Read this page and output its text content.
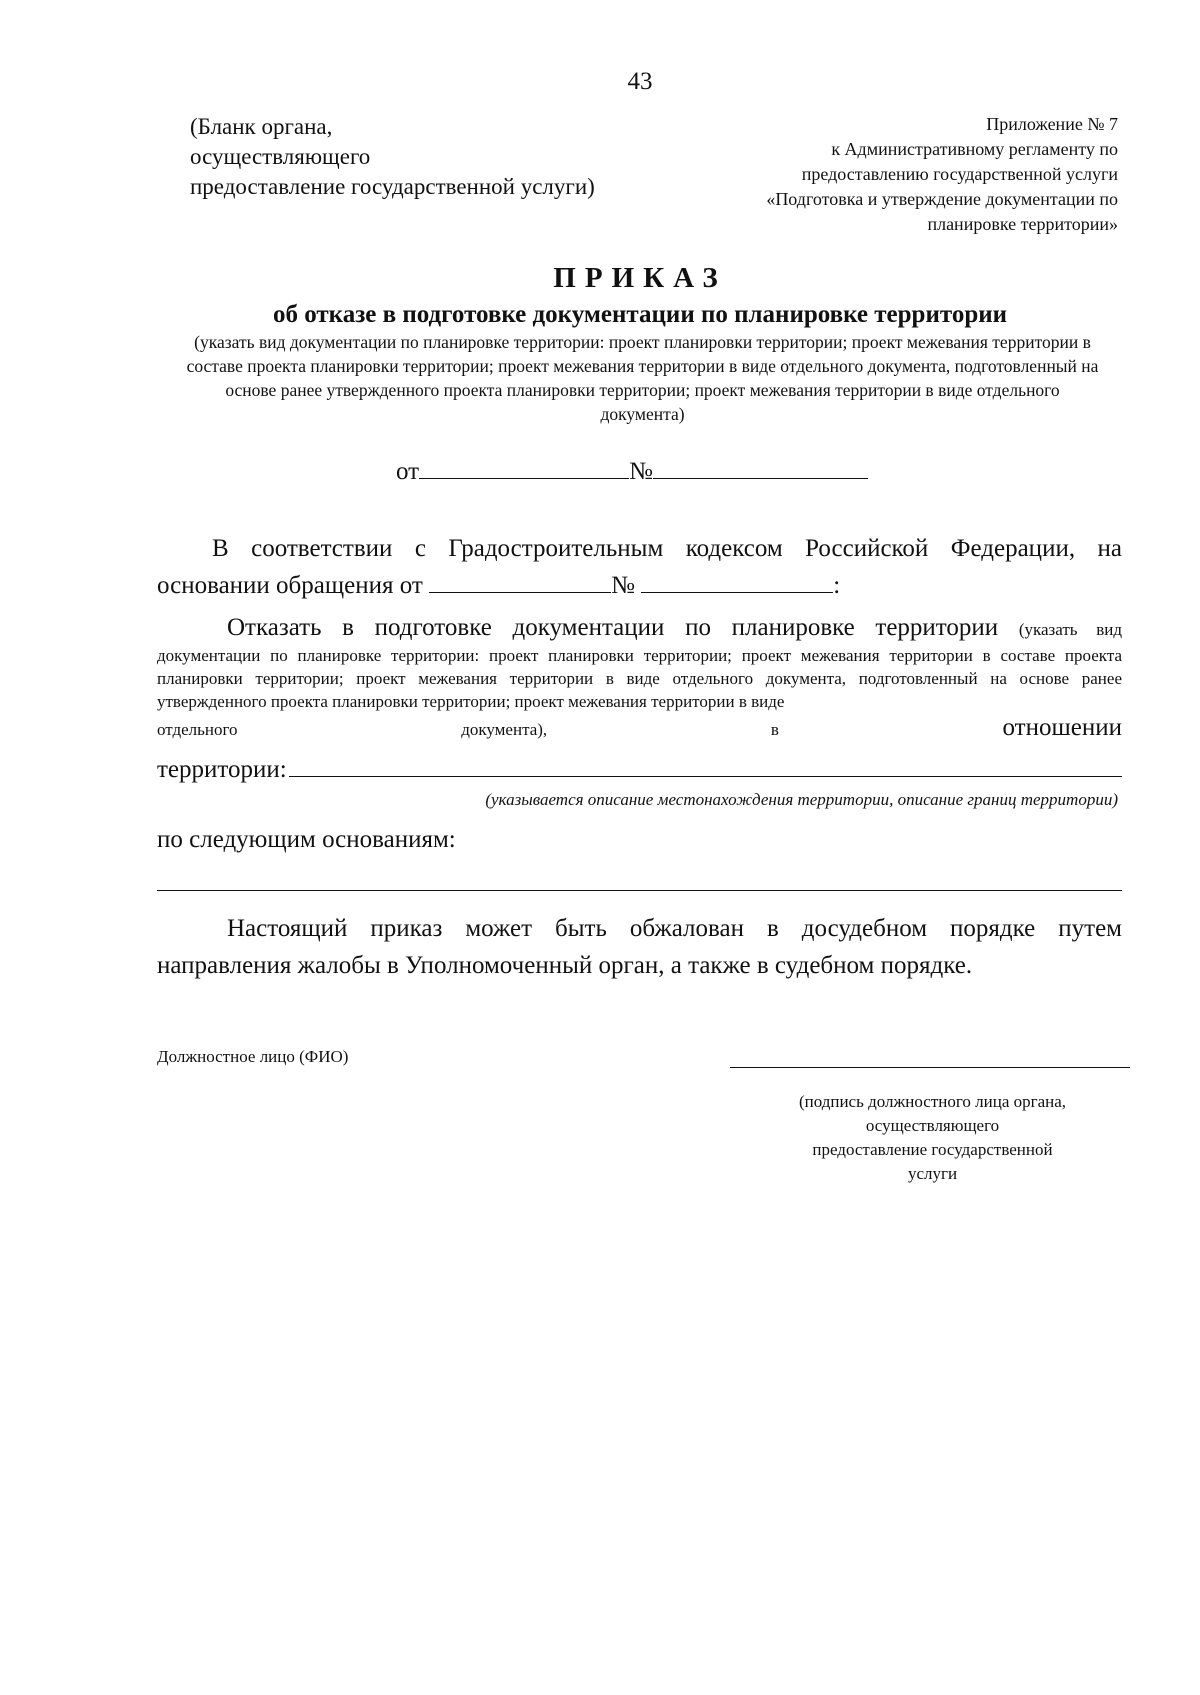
43
(Бланк органа,
осуществляющего
предоставление государственной услуги)
Приложение № 7
к Административному регламенту по
предоставлению государственной услуги
«Подготовка и утверждение документации по
планировке территории»
ПРИКАЗ
об отказе в подготовке документации по планировке территории
(указать вид документации по планировке территории: проект планировки территории; проект межевания территории в составе проекта планировки территории; проект межевания территории в виде отдельного документа, подготовленный на основе ранее утвержденного проекта планировки территории; проект межевания территории в виде отдельного документа)
от	№
В соответствии с Градостроительным кодексом Российской Федерации, на
основании обращения от	№	:
Отказать в подготовке документации по планировке территории (указать вид
документации по планировке территории: проект планировки территории; проект межевания территории в составе проекта планировки территории; проект межевания территории в виде отдельного документа, подготовленный на основе ранее утвержденного проекта планировки территории; проект межевания территории в виде
отдельного	документа),	в	отношении
территории:
(указывается описание местонахождения территории, описание границ территории)
по следующим основаниям:
Настоящий приказ может быть обжалован в досудебном порядке путем
направления жалобы в Уполномоченный орган, а также в судебном порядке.
Должностное лицо (ФИО)
(подпись должностного лица органа,
осуществляющего
предоставление государственной
услуги
